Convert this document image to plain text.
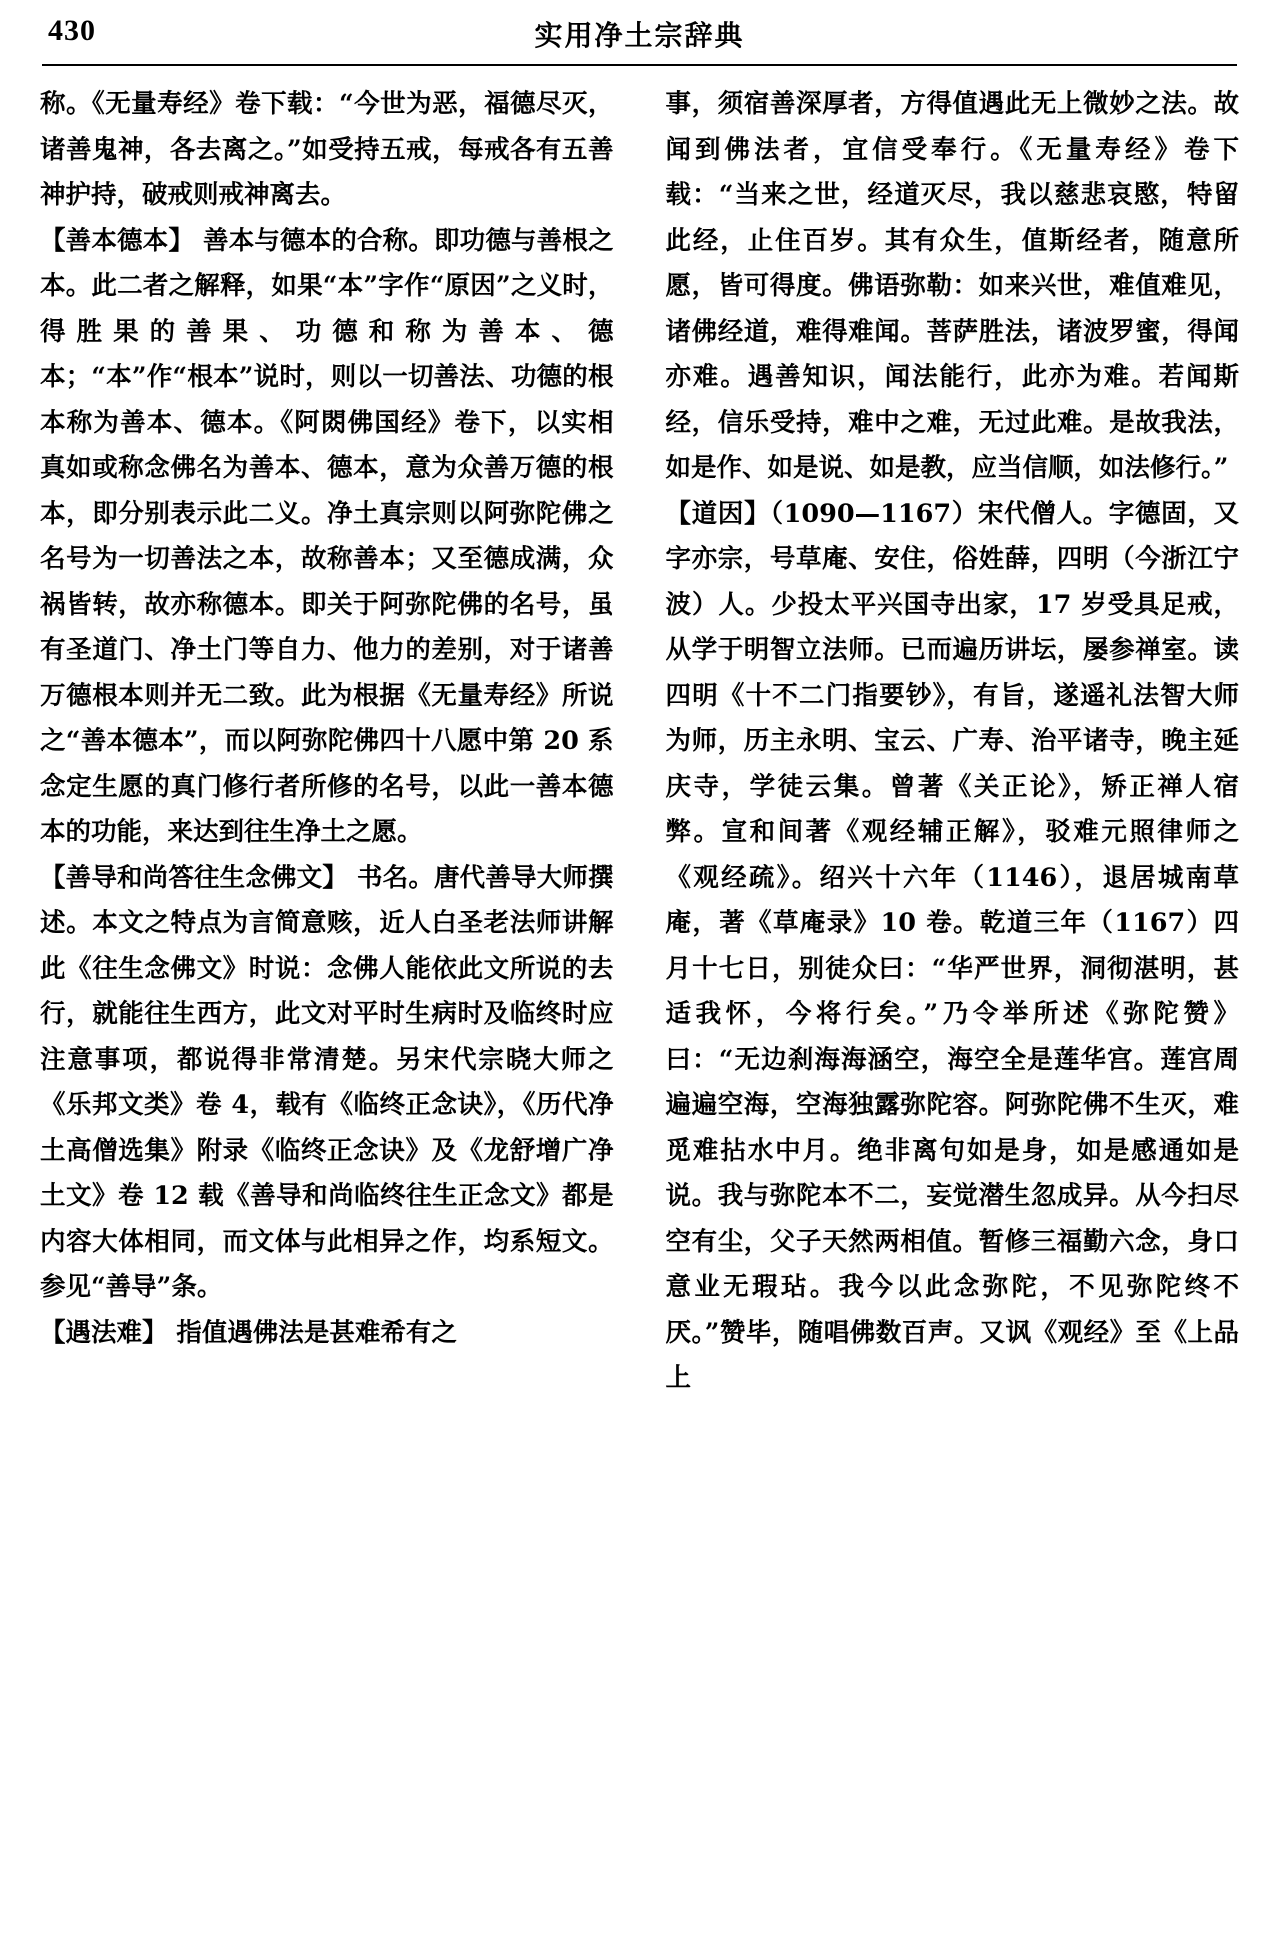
430	实用净土宗辞典

称。《无量寿经》卷下载：“今世为恶，福德尽灭，诸善鬼神，各去离之。”如受持五戒，每戒各有五善神护持，破戒则戒神离去。

【善本德本】 善本与德本的合称。即功德与善根之本。此二者之解释，如果“本”字作“原因”之义时，得胜果的善果、功德和称为善本、德本；“本”作“根本”说时，则以一切善法、功德的根本称为善本、德本。《阿閦佛国经》卷下，以实相真如或称念佛名为善本、德本，意为众善万德的根本，即分别表示此二义。净土真宗则以阿弥陀佛之名号为一切善法之本，故称善本；又至德成满，众祸皆转，故亦称德本。即关于阿弥陀佛的名号，虽有圣道门、净土门等自力、他力的差别，对于诸善万德根本则并无二致。此为根据《无量寿经》所说之“善本德本”，而以阿弥陀佛四十八愿中第 20 系念定生愿的真门修行者所修的名号，以此一善本德本的功能，来达到往生净土之愿。

【善导和尚答往生念佛文】 书名。唐代善导大师撰述。本文之特点为言简意赅，近人白圣老法师讲解此《往生念佛文》时说：念佛人能依此文所说的去行，就能往生西方，此文对平时生病时及临终时应注意事项，都说得非常清楚。另宋代宗晓大师之《乐邦文类》卷 4，载有《临终正念诀》，《历代净土高僧选集》附录《临终正念诀》及《龙舒增广净土文》卷 12 载《善导和尚临终往生正念文》都是内容大体相同，而文体与此相异之作，均系短文。参见“善导”条。

【遇法难】 指值遇佛法是甚难希有之

事，须宿善深厚者，方得值遇此无上微妙之法。故闻到佛法者，宜信受奉行。《无量寿经》卷下载：“当来之世，经道灭尽，我以慈悲哀愍，特留此经，止住百岁。其有众生，值斯经者，随意所愿，皆可得度。佛语弥勒：如来兴世，难值难见，诸佛经道，难得难闻。菩萨胜法，诸波罗蜜，得闻亦难。遇善知识，闻法能行，此亦为难。若闻斯经，信乐受持，难中之难，无过此难。是故我法，如是作、如是说、如是教，应当信顺，如法修行。”

【道因】（1090—1167）宋代僧人。字德固，又字亦宗，号草庵、安住，俗姓薛，四明（今浙江宁波）人。少投太平兴国寺出家，17 岁受具足戒，从学于明智立法师。已而遍历讲坛，屡参禅室。读四明《十不二门指要钞》，有旨，遂遥礼法智大师为师，历主永明、宝云、广寿、治平诸寺，晚主延庆寺，学徒云集。曾著《关正论》，矫正禅人宿弊。宣和间著《观经辅正解》，驳难元照律师之《观经疏》。绍兴十六年（1146），退居城南草庵，著《草庵录》10 卷。乾道三年（1167）四月十七日，别徒众曰：“华严世界，洞彻湛明，甚适我怀，今将行矣。”乃令举所述《弥陀赞》曰：“无边刹海海涵空，海空全是莲华宫。莲宫周遍遍空海，空海独露弥陀容。阿弥陀佛不生灭，难觅难拈水中月。绝非离句如是身，如是感通如是说。我与弥陀本不二，妄觉潜生忽成异。从今扫尽空有尘，父子天然两相值。暂修三福勤六念，身口意业无瑕玷。我今以此念弥陀，不见弥陀终不厌。”赞毕，随唱佛数百声。又讽《观经》至《上品上
